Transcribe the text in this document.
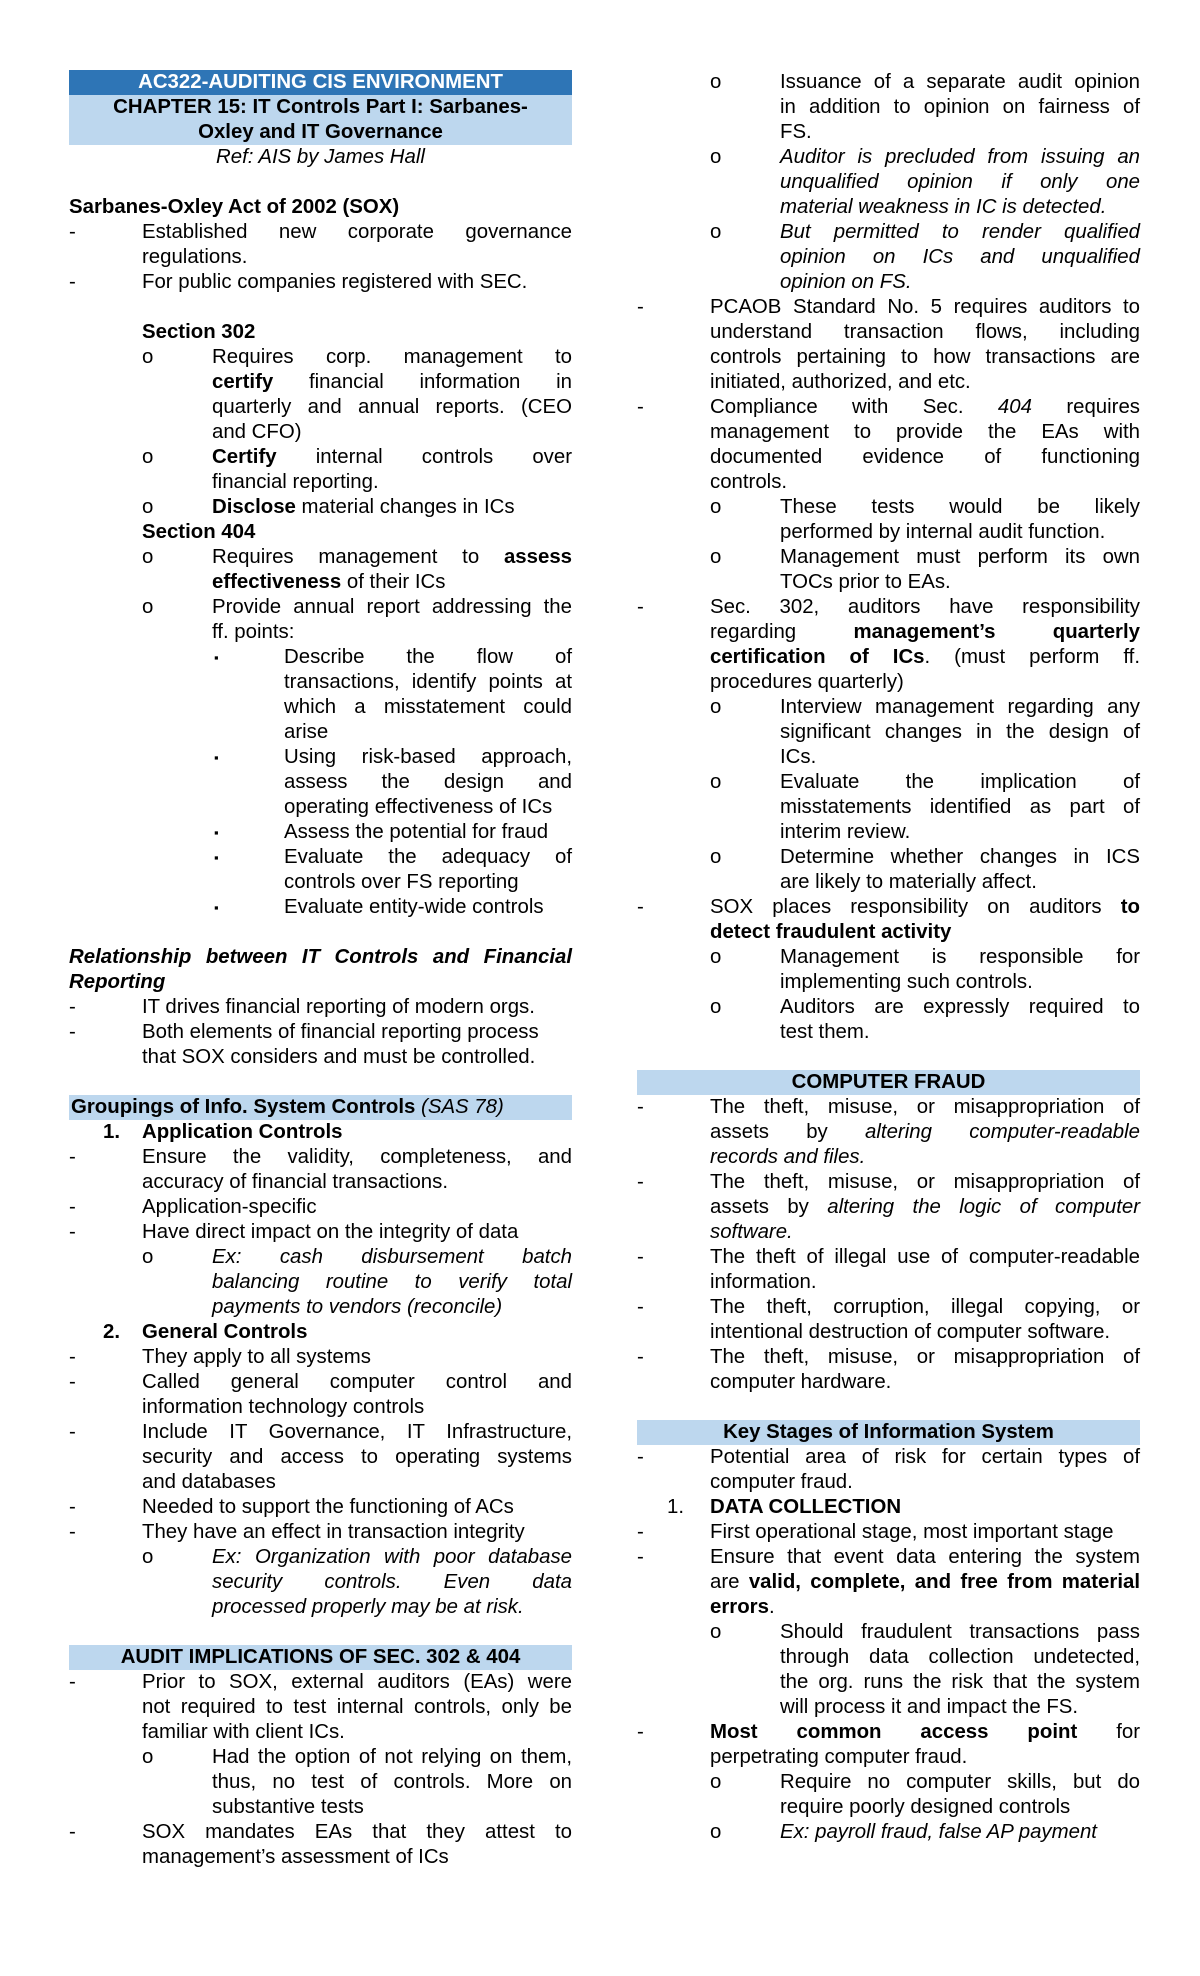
AC322-AUDITING CIS ENVIRONMENT
CHAPTER 15: IT Controls Part I: Sarbanes-
Oxley and IT Governance
Ref: AIS by James Hall
Sarbanes-Oxley Act of 2002 (SOX)
-	Established new corporate governance
regulations.
-	For public companies registered with SEC.
Section 302
o	Requires corp. management to
certify financial information in
quarterly and annual reports. (CEO
and CFO)
o	Certify internal controls over
financial reporting.
o	Disclose material changes in ICs
Section 404
o	Requires management to assess
effectiveness of their ICs
o	Provide annual report addressing the
ff. points:
▪	Describe the flow of
transactions, identify points at
which a misstatement could
arise
▪	Using risk-based approach,
assess the design and
operating effectiveness of ICs
▪	Assess the potential for fraud
▪	Evaluate the adequacy of
controls over FS reporting
▪	Evaluate entity-wide controls
Relationship between IT Controls and Financial
Reporting
-	IT drives financial reporting of modern orgs.
-	Both elements of financial reporting process
that SOX considers and must be controlled.
Groupings of Info. System Controls (SAS 78)
1. Application Controls
-	Ensure the validity, completeness, and
accuracy of financial transactions.
-	Application-specific
-	Have direct impact on the integrity of data
o	Ex: cash disbursement batch
balancing routine to verify total
payments to vendors (reconcile)
2. General Controls
-	They apply to all systems
-	Called general computer control and
information technology controls
-	Include IT Governance, IT Infrastructure,
security and access to operating systems
and databases
-	Needed to support the functioning of ACs
-	They have an effect in transaction integrity
o	Ex: Organization with poor database
security controls. Even data
processed properly may be at risk.
AUDIT IMPLICATIONS OF SEC. 302 & 404
-	Prior to SOX, external auditors (EAs) were
not required to test internal controls, only be
familiar with client ICs.
o	Had the option of not relying on them,
thus, no test of controls. More on
substantive tests
-	SOX mandates EAs that they attest to
management’s assessment of ICs
o	Issuance of a separate audit opinion
in addition to opinion on fairness of
FS.
o	Auditor is precluded from issuing an
unqualified opinion if only one
material weakness in IC is detected.
o	But permitted to render qualified
opinion on ICs and unqualified
opinion on FS.
-	PCAOB Standard No. 5 requires auditors to
understand transaction flows, including
controls pertaining to how transactions are
initiated, authorized, and etc.
-	Compliance with Sec. 404 requires
management to provide the EAs with
documented evidence of functioning
controls.
o	These tests would be likely
performed by internal audit function.
o	Management must perform its own
TOCs prior to EAs.
-	Sec. 302, auditors have responsibility
regarding management’s quarterly
certification of ICs. (must perform ff.
procedures quarterly)
o	Interview management regarding any
significant changes in the design of
ICs.
o	Evaluate the implication of
misstatements identified as part of
interim review.
o	Determine whether changes in ICS
are likely to materially affect.
-	SOX places responsibility on auditors to
detect fraudulent activity
o	Management is responsible for
implementing such controls.
o	Auditors are expressly required to
test them.
COMPUTER FRAUD
-	The theft, misuse, or misappropriation of
assets by altering computer-readable
records and files.
-	The theft, misuse, or misappropriation of
assets by altering the logic of computer
software.
-	The theft of illegal use of computer-readable
information.
-	The theft, corruption, illegal copying, or
intentional destruction of computer software.
-	The theft, misuse, or misappropriation of
computer hardware.
Key Stages of Information System
-	Potential area of risk for certain types of
computer fraud.
1. DATA COLLECTION
-	First operational stage, most important stage
-	Ensure that event data entering the system
are valid, complete, and free from material
errors.
o	Should fraudulent transactions pass
through data collection undetected,
the org. runs the risk that the system
will process it and impact the FS.
-	Most common access point for
perpetrating computer fraud.
o	Require no computer skills, but do
require poorly designed controls
o	Ex: payroll fraud, false AP payment
